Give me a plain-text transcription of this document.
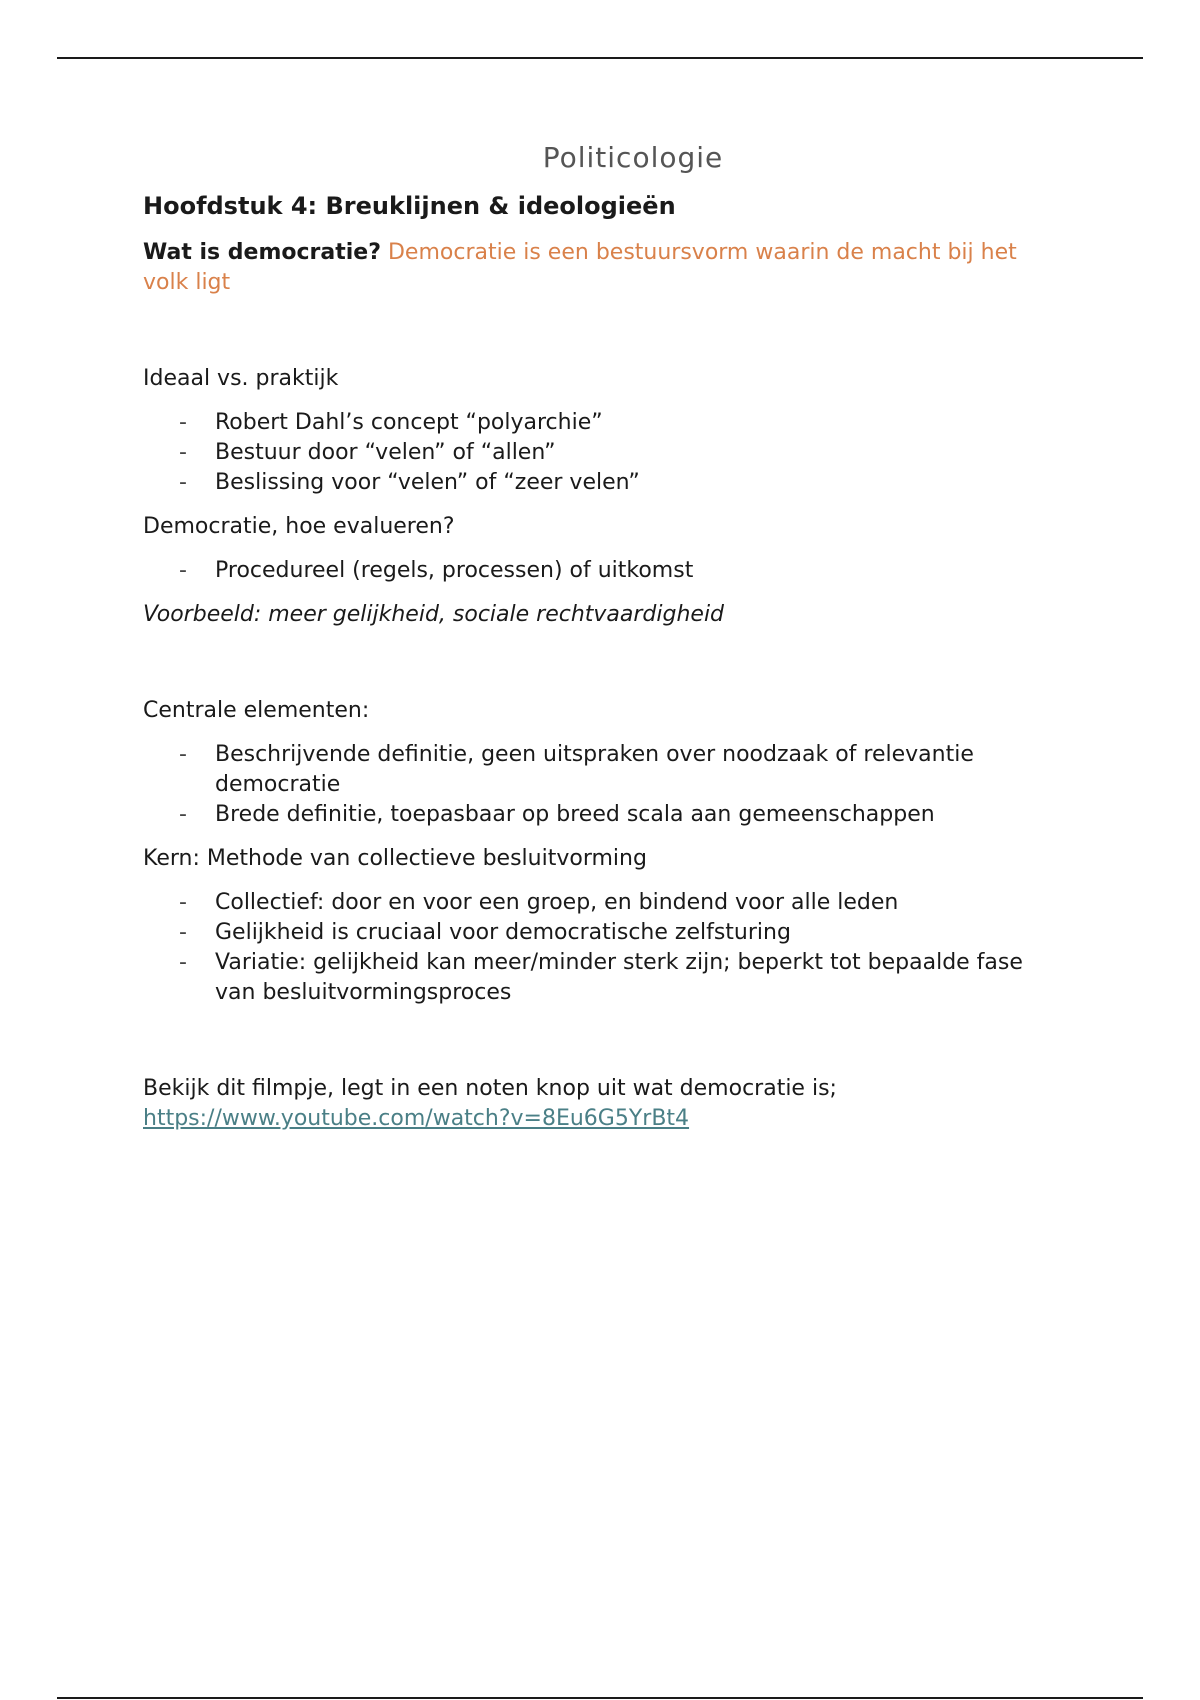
Politicologie
Hoofdstuk 4: Breuklijnen & ideologieën
Wat is democratie? Democratie is een bestuursvorm waarin de macht bij het volk ligt
Ideaal vs. praktijk
- Robert Dahl’s concept “polyarchie”
- Bestuur door “velen” of “allen”
- Beslissing voor “velen” of “zeer velen”
Democratie, hoe evalueren?
- Procedureel (regels, processen) of uitkomst
Voorbeeld: meer gelijkheid, sociale rechtvaardigheid
Centrale elementen:
- Beschrijvende definitie, geen uitspraken over noodzaak of relevantie democratie
- Brede definitie, toepasbaar op breed scala aan gemeenschappen
Kern: Methode van collectieve besluitvorming
- Collectief: door en voor een groep, en bindend voor alle leden
- Gelijkheid is cruciaal voor democratische zelfsturing
- Variatie: gelijkheid kan meer/minder sterk zijn; beperkt tot bepaalde fase van besluitvormingsproces
Bekijk dit filmpje, legt in een noten knop uit wat democratie is;
https://www.youtube.com/watch?v=8Eu6G5YrBt4
